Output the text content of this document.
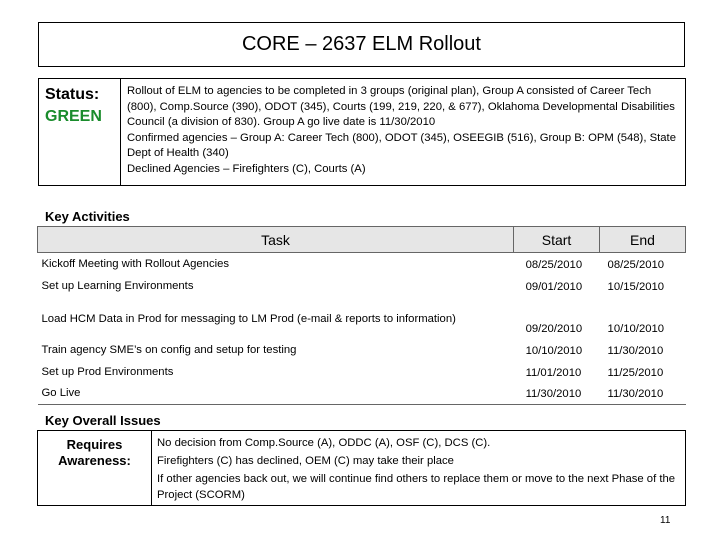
CORE – 2637 ELM Rollout
Status:
GREEN

Rollout of ELM to agencies to be completed in 3 groups (original plan), Group A consisted of Career Tech (800), Comp.Source (390), ODOT (345), Courts (199, 219, 220, & 677), Oklahoma Developmental Disabilities Council (a division of 830). Group A go live date is 11/30/2010

Confirmed agencies – Group A: Career Tech (800), ODOT (345), OSEEGIB (516), Group B: OPM (548), State Dept of Health (340)

Declined Agencies – Firefighters (C), Courts (A)

Key Activities
Task	Start	End
Kickoff Meeting with Rollout Agencies	08/25/2010	08/25/2010
Set up Learning Environments	09/01/2010	10/15/2010
Load HCM Data in Prod for messaging to LM Prod (e-mail & reports to information)	09/20/2010	10/10/2010
Train agency SME’s on config and setup for testing	10/10/2010	11/30/2010
Set up Prod Environments	11/01/2010	11/25/2010
Go Live	11/30/2010	11/30/2010
Key Overall Issues
Requires Awareness:

No decision from Comp.Source (A), ODDC (A), OSF (C), DCS (C).

Firefighters (C) has declined, OEM (C) may take their place

If other agencies back out, we will continue find others to replace them or move to the next Phase of the Project (SCORM)

11
